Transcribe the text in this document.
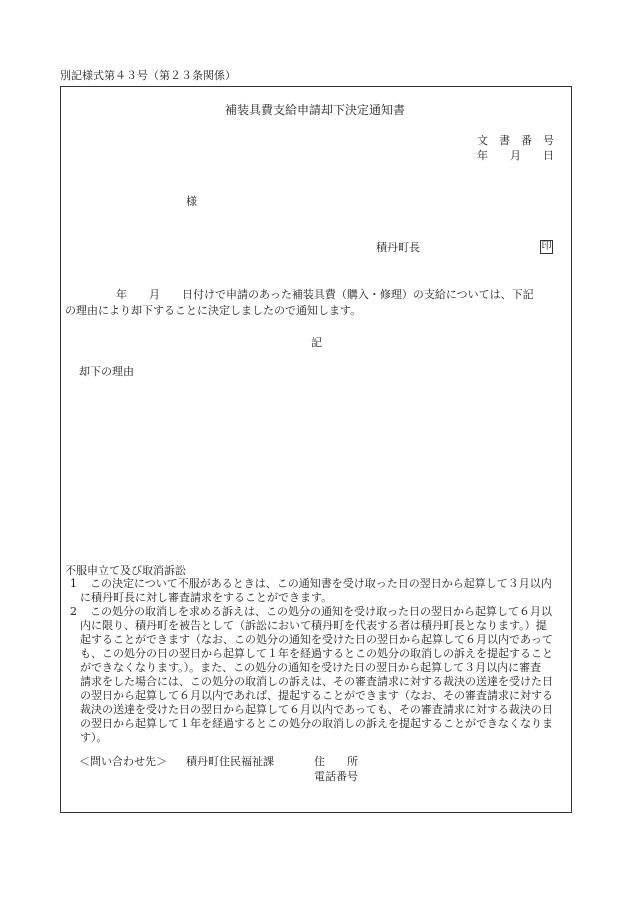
別記様式第４３号（第２３条関係）
補装具費支給申請却下決定通知書
文　書　番　号
年　　月　　日
様
積丹町長	印
年　　月　　日付けで申請のあった補装具費（購入・修理）の支給については、下記
の理由により却下することに決定しましたので通知します。
記
却下の理由
不服申立て及び取消訴訟
1	この決定について不服があるときは、この通知書を受け取った日の翌日から起算して３月以内
に積丹町長に対し審査請求をすることができます。
2	この処分の取消しを求める訴えは、この処分の通知を受け取った日の翌日から起算して６月以
内に限り、積丹町を被告として（訴訟において積丹町を代表する者は積丹町長となります。）提
起することができます（なお、この処分の通知を受けた日の翌日から起算して６月以内であって
も、この処分の日の翌日から起算して１年を経過するとこの処分の取消しの訴えを提起すること
ができなくなります。）。また、この処分の通知を受けた日の翌日から起算して３月以内に審査
請求をした場合には、この処分の取消しの訴えは、その審査請求に対する裁決の送達を受けた日
の翌日から起算して６月以内であれば、提起することができます（なお、その審査請求に対する
裁決の送達を受けた日の翌日から起算して６月以内であっても、その審査請求に対する裁決の日
の翌日から起算して１年を経過するとこの処分の取消しの訴えを提起することができなくなりま
す）。
＜問い合わせ先＞ 積丹町住民福祉課	住　　所
電話番号
